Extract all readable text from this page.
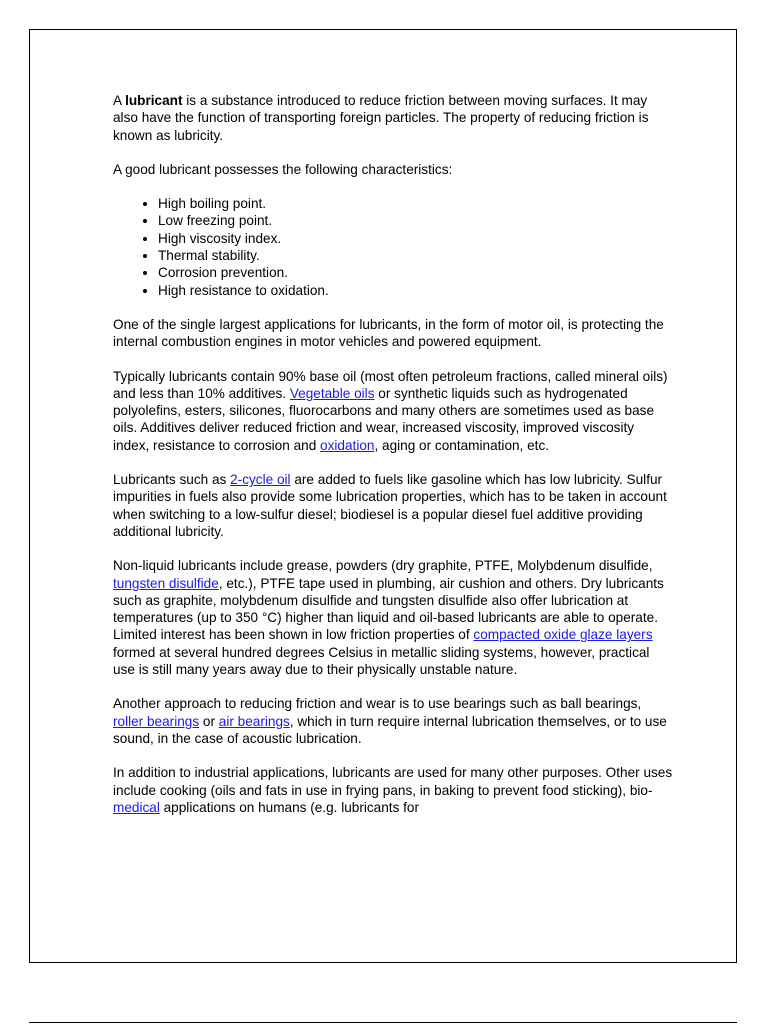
A lubricant is a substance introduced to reduce friction between moving surfaces. It may also have the function of transporting foreign particles. The property of reducing friction is known as lubricity.

A good lubricant possesses the following characteristics:

• High boiling point.
• Low freezing point.
• High viscosity index.
• Thermal stability.
• Corrosion prevention.
• High resistance to oxidation.

One of the single largest applications for lubricants, in the form of motor oil, is protecting the internal combustion engines in motor vehicles and powered equipment.

Typically lubricants contain 90% base oil (most often petroleum fractions, called mineral oils) and less than 10% additives. Vegetable oils or synthetic liquids such as hydrogenated polyolefins, esters, silicones, fluorocarbons and many others are sometimes used as base oils. Additives deliver reduced friction and wear, increased viscosity, improved viscosity index, resistance to corrosion and oxidation, aging or contamination, etc.

Lubricants such as 2-cycle oil are added to fuels like gasoline which has low lubricity. Sulfur impurities in fuels also provide some lubrication properties, which has to be taken in account when switching to a low-sulfur diesel; biodiesel is a popular diesel fuel additive providing additional lubricity.

Non-liquid lubricants include grease, powders (dry graphite, PTFE, Molybdenum disulfide, tungsten disulfide, etc.), PTFE tape used in plumbing, air cushion and others. Dry lubricants such as graphite, molybdenum disulfide and tungsten disulfide also offer lubrication at temperatures (up to 350 °C) higher than liquid and oil-based lubricants are able to operate. Limited interest has been shown in low friction properties of compacted oxide glaze layers formed at several hundred degrees Celsius in metallic sliding systems, however, practical use is still many years away due to their physically unstable nature.

Another approach to reducing friction and wear is to use bearings such as ball bearings, roller bearings or air bearings, which in turn require internal lubrication themselves, or to use sound, in the case of acoustic lubrication.

In addition to industrial applications, lubricants are used for many other purposes. Other uses include cooking (oils and fats in use in frying pans, in baking to prevent food sticking), bio-medical applications on humans (e.g. lubricants for
